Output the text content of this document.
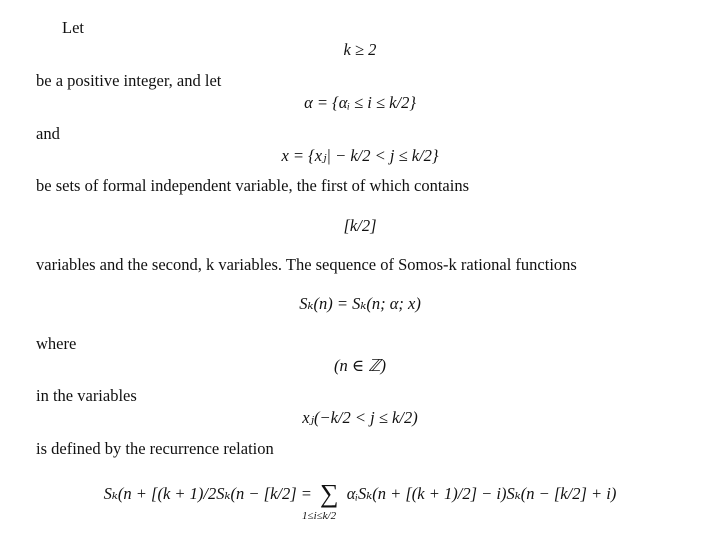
Let
k ≥ 2
be a positive integer, and let
α = {αᵢ ≤ i ≤ k/2}
and
x = {xⱼ| − k/2 < j ≤ k/2}
be sets of formal independent variable, the first of which contains
[k/2]
variables and the second, k variables. The sequence of Somos-k rational functions
Sₖ(n) = Sₖ(n; α; x)
where
(n ∈ ℤ)
in the variables
xⱼ(−k/2 < j ≤ k/2)
is defined by the recurrence relation
Sₖ(n + [(k + 1)/2Sₖ(n − [k/2] = ∑
1≤i≤k/2
αᵢSₖ(n + [(k + 1)/2] − i)Sₖ(n − [k/2] + i)
